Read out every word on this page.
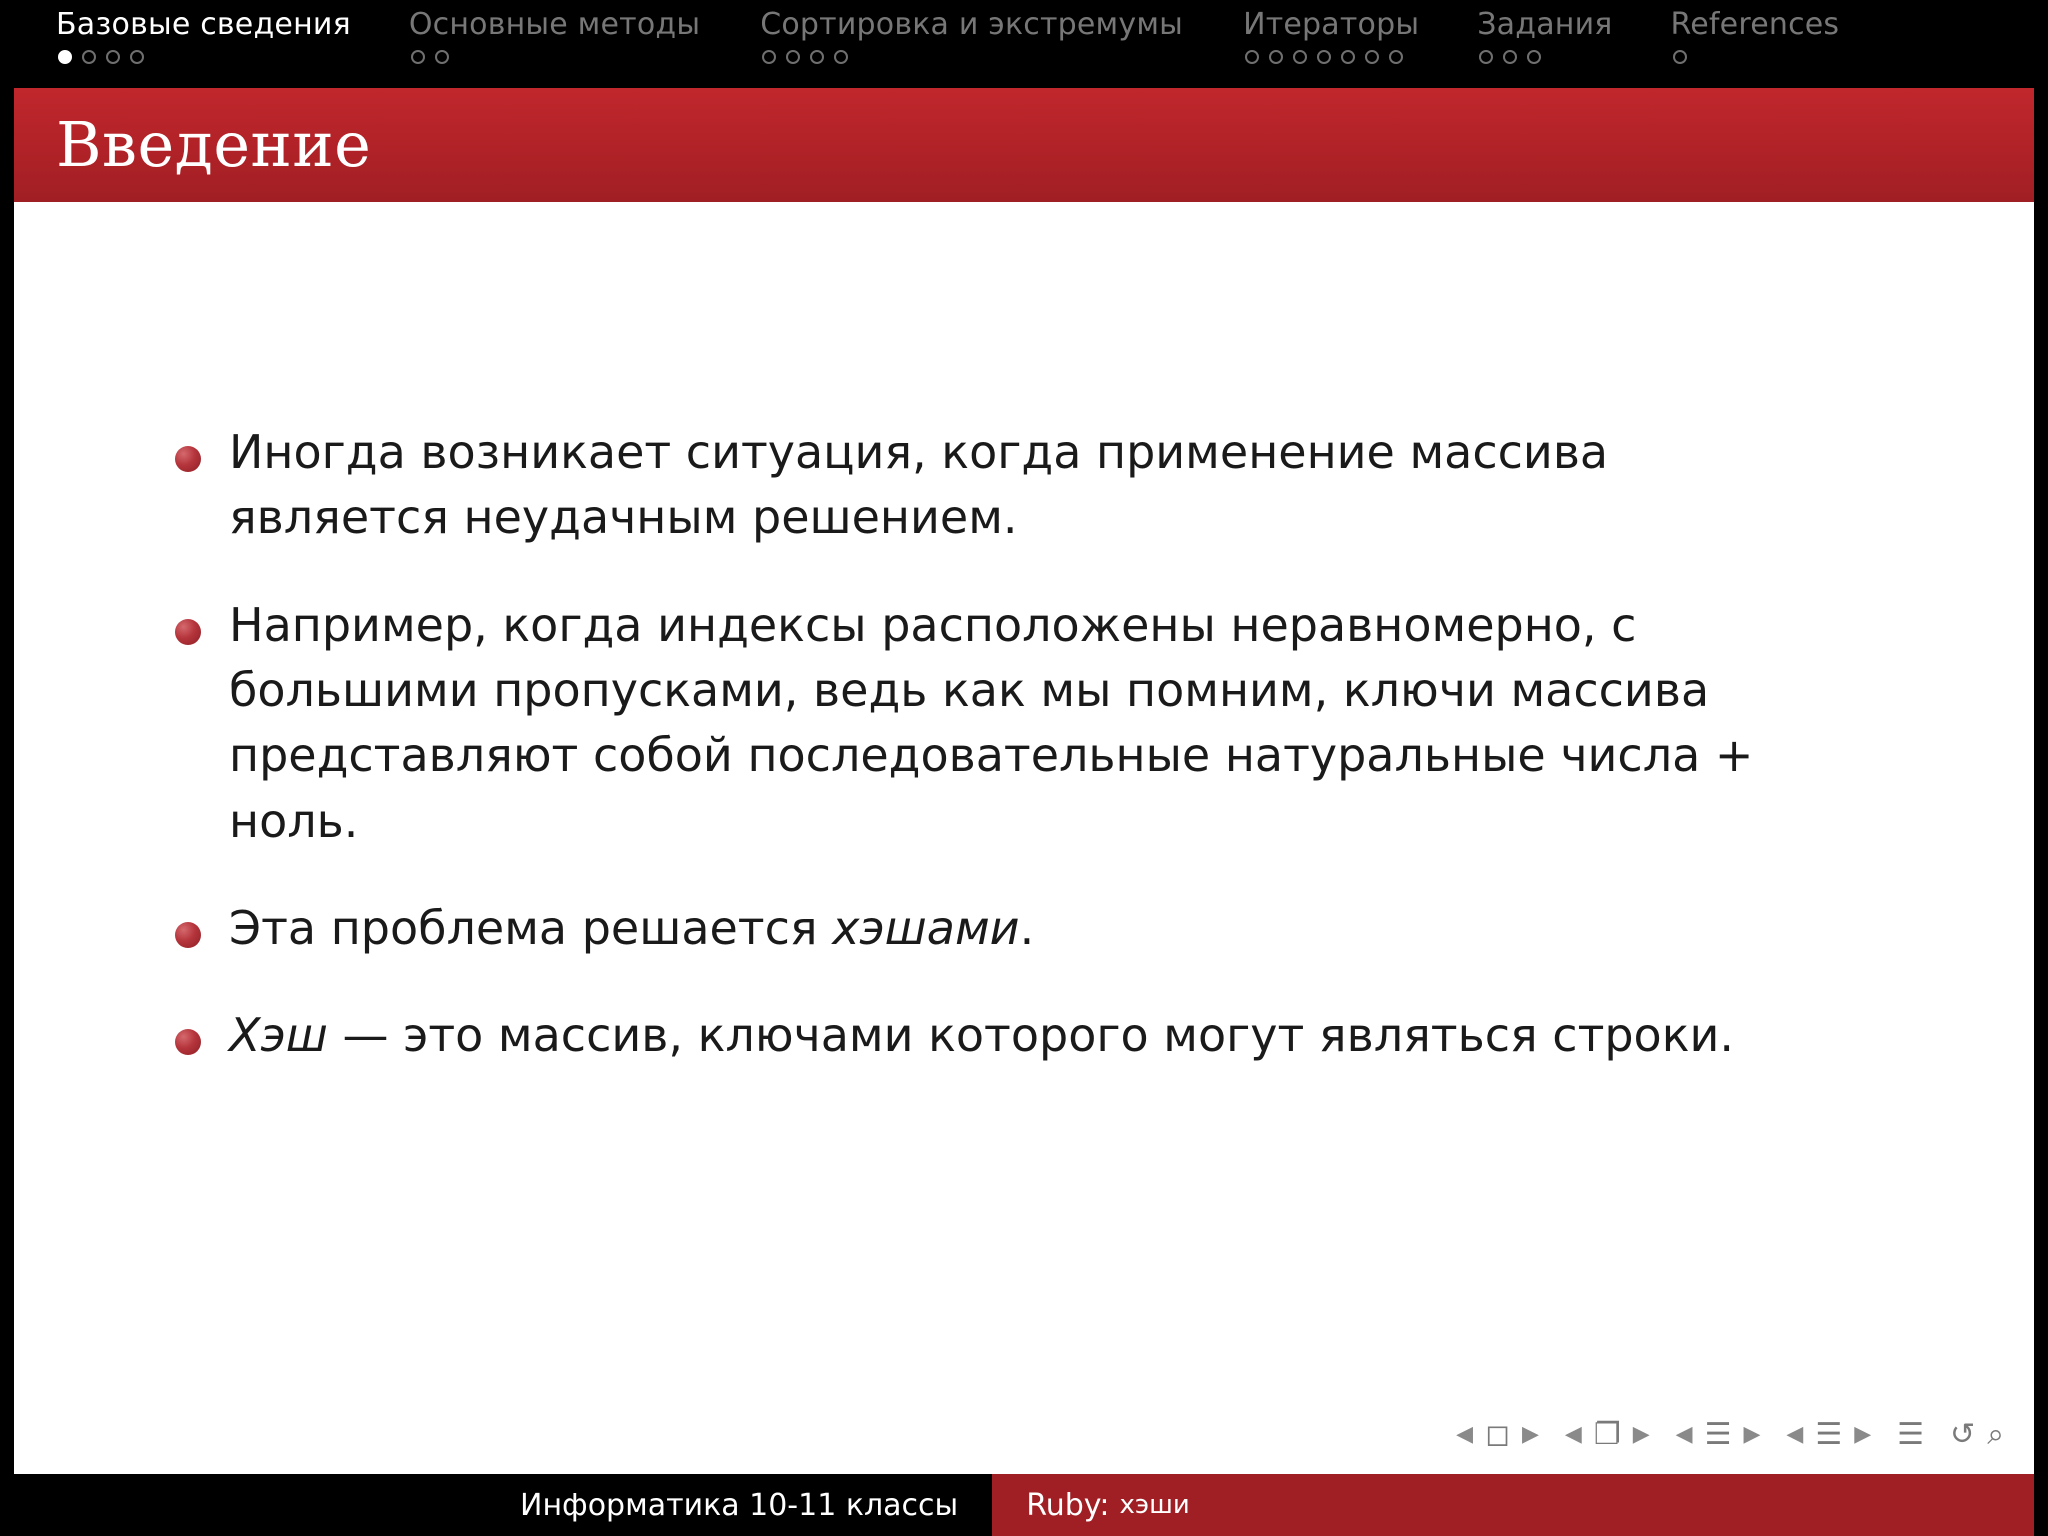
Базовые сведения Основные методы Сортировка и экстремумы Итераторы Задания References
Введение
Иногда возникает ситуация, когда применение массива является неудачным решением.
Например, когда индексы расположены неравномерно, с большими пропусками, ведь как мы помним, ключи массива представляют собой последовательные натуральные числа + ноль.
Эта проблема решается хэшами.
Хэш — это массив, ключами которого могут являться строки.
◀ ◻ ▶ ◀ ❐ ▶ ◀ ☰ ▶ ◀ ☰ ▶ ☰ ↺ ⌕
Информатика 10-11 классы	Ruby: хэши
